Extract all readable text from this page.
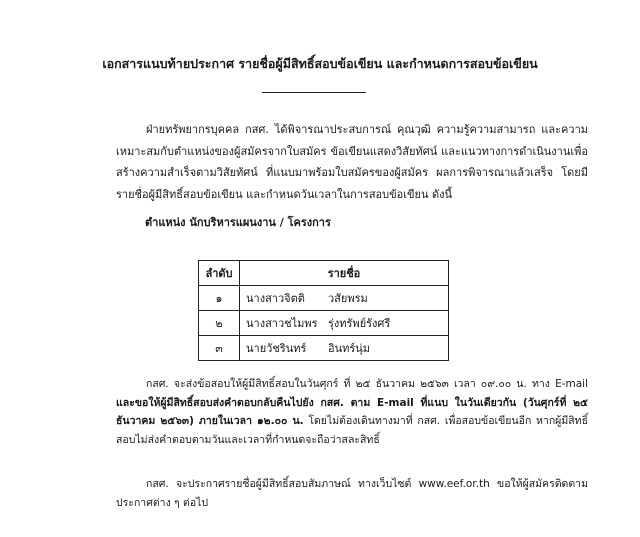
เอกสารแนบท้ายประกาศ รายชื่อผู้มีสิทธิ์สอบข้อเขียน และกำหนดการสอบข้อเขียน
ฝ่ายทรัพยากรบุคคล กสศ. ได้พิจารณาประสบการณ์ คุณวุฒิ ความรู้ความสามารถ และความเหมาะสมกับตำแหน่งของผู้สมัครจากใบสมัคร ข้อเขียนแสดงวิสัยทัศน์ และแนวทางการดำเนินงานเพื่อสร้างความสำเร็จตามวิสัยทัศน์ ที่แนบมาพร้อมใบสมัครของผู้สมัคร ผลการพิจารณาแล้วเสร็จ โดยมีรายชื่อผู้มีสิทธิ์สอบข้อเขียน และกำหนดวันเวลาในการสอบข้อเขียน ดังนี้
ตำแหน่ง นักบริหารแผนงาน / โครงการ
ลำดับ	รายชื่อ
๑	นางสาวจิตติ วสัยพรม
๒	นางสาวชไมพร รุ่งทรัพย์รังศรี
๓	นายวัชรินทร์ อินทร์นุ่ม
กสศ. จะส่งข้อสอบให้ผู้มีสิทธิ์สอบในวันศุกร์ ที่ ๒๕ ธันวาคม ๒๕๖๓ เวลา ๐๙.๐๐ น. ทาง E-mail และขอให้ผู้มีสิทธิ์สอบส่งคำตอบกลับคืนไปยัง กสศ. ตาม E-mail ที่แนบ ในวันเดียวกัน (วันศุกร์ที่ ๒๕ ธันวาคม ๒๕๖๓) ภายในเวลา ๑๒.๐๐ น. โดยไม่ต้องเดินทางมาที่ กสศ. เพื่อสอบข้อเขียนอีก หากผู้มีสิทธิ์สอบไม่ส่งคำตอบตามวันและเวลาที่กำหนดจะถือว่าสละสิทธิ์
กสศ. จะประกาศรายชื่อผู้มีสิทธิ์สอบสัมภาษณ์ ทางเว็บไซต์ www.eef.or.th ขอให้ผู้สมัครติดตามประกาศต่าง ๆ ต่อไป
